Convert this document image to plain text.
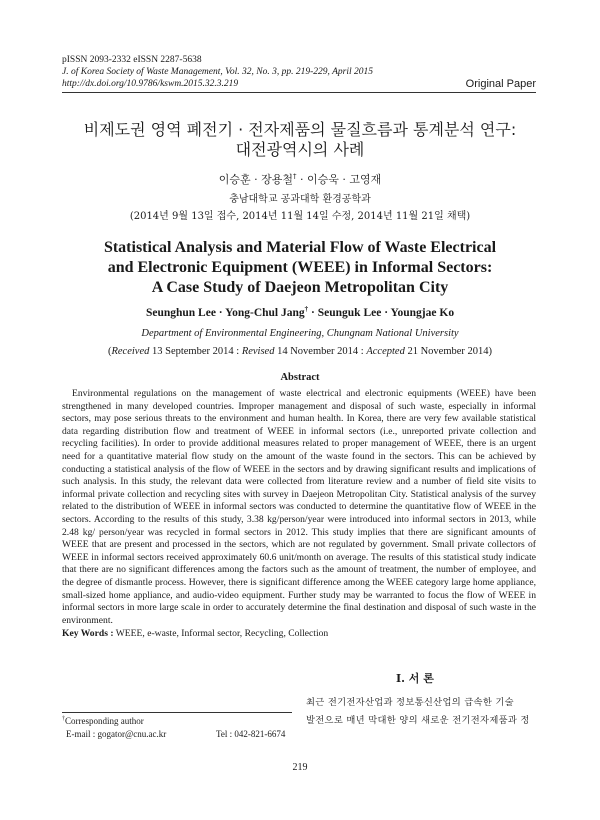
pISSN 2093-2332 eISSN 2287-5638
J. of Korea Society of Waste Management, Vol. 32, No. 3, pp. 219-229, April 2015
http://dx.doi.org/10.9786/kswm.2015.32.3.219	Original Paper
비제도권 영역 폐전기 · 전자제품의 물질흐름과 통계분석 연구:
대전광역시의 사례
이승훈 · 장용철† · 이승욱 · 고영재
충남대학교 공과대학 환경공학과
(2014년 9월 13일 접수, 2014년 11월 14일 수정, 2014년 11월 21일 채택)
Statistical Analysis and Material Flow of Waste Electrical
and Electronic Equipment (WEEE) in Informal Sectors:
A Case Study of Daejeon Metropolitan City
Seunghun Lee · Yong-Chul Jang† · Seunguk Lee · Youngjae Ko
Department of Environmental Engineering, Chungnam National University
(Received 13 September 2014 : Revised 14 November 2014 : Accepted 21 November 2014)
Abstract

Environmental regulations on the management of waste electrical and electronic equipments (WEEE) have been strengthened in many developed countries. Improper management and disposal of such waste, especially in informal sectors, may pose serious threats to the environment and human health. In Korea, there are very few available statistical data regarding distribution flow and treatment of WEEE in informal sectors (i.e., unreported private collection and recycling facilities). In order to provide additional measures related to proper management of WEEE, there is an urgent need for a quantitative material flow study on the amount of the waste found in the sectors. This can be achieved by conducting a statistical analysis of the flow of WEEE in the sectors and by drawing significant results and implications of such analysis. In this study, the relevant data were collected from literature review and a number of field site visits to informal private collection and recycling sites with survey in Daejeon Metropolitan City. Statistical analysis of the survey related to the distribution of WEEE in informal sectors was conducted to determine the quantitative flow of WEEE in the sectors. According to the results of this study, 3.38 kg/person/year were introduced into informal sectors in 2013, while 2.48 kg/ person/year was recycled in formal sectors in 2012. This study implies that there are significant amounts of WEEE that are present and processed in the sectors, which are not regulated by government. Small private collectors of WEEE in informal sectors received approximately 60.6 unit/month on average. The results of this statistical study indicate that there are no significant differences among the factors such as the amount of treatment, the number of employee, and the degree of dismantle process. However, there is significant difference among the WEEE category large home appliance, small-sized home appliance, and audio-video equipment. Further study may be warranted to focus the flow of WEEE in informal sectors in more large scale in order to accurately determine the final destination and disposal of such waste in the environment.

Key Words : WEEE, e-waste, Informal sector, Recycling, Collection
I. 서 론
최근 전기전자산업과 정보통신산업의 급속한 기술
발전으로 매년 막대한 양의 새로운 전기전자제품과 정
†Corresponding author
E-mail : gogator@cnu.ac.kr	Tel : 042-821-6674
219
